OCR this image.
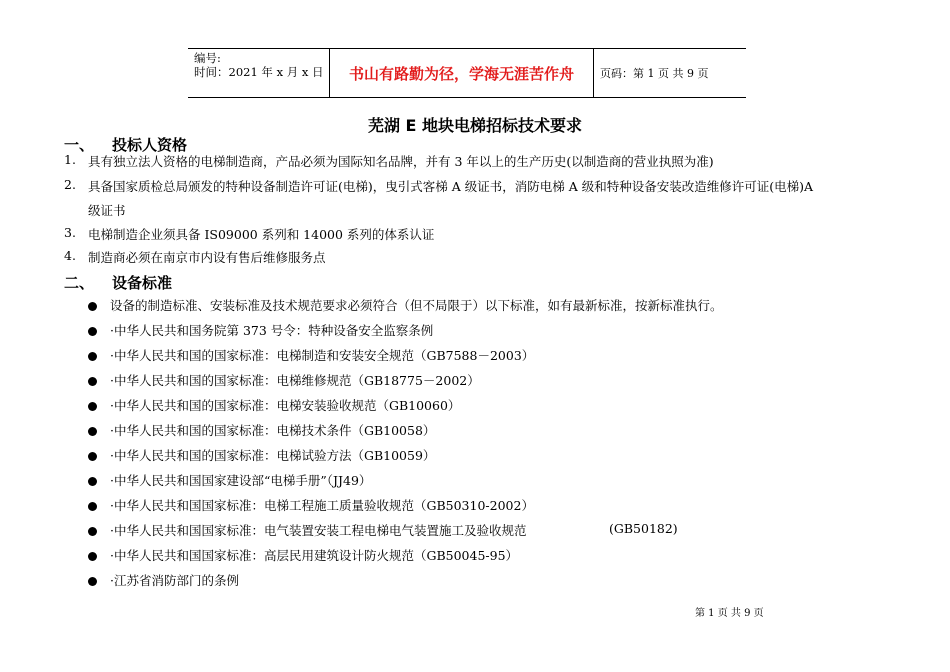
编号:
时间：2021 年 x 月 x 日	书山有路勤为径，学海无涯苦作舟	页码：第 1 页 共 9 页
芜湖 E 地块电梯招标技术要求
一、 投标人资格
1. 具有独立法人资格的电梯制造商，产品必须为国际知名品牌，并有 3 年以上的生产历史(以制造商的营业执照为准)
2. 具备国家质检总局颁发的特种设备制造许可证(电梯)，曳引式客梯 A 级证书，消防电梯 A 级和特种设备安装改造维修许可证(电梯)A
级证书
3. 电梯制造企业须具备 IS09000 系列和 14000 系列的体系认证
4. 制造商必须在南京市内设有售后维修服务点
二、 设备标准
设备的制造标准、安装标准及技术规范要求必须符合（但不局限于）以下标准，如有最新标准，按新标准执行。
·中华人民共和国务院第 373 号令：特种设备安全监察条例
·中华人民共和国的国家标准：电梯制造和安装安全规范（GB7588－2003）
·中华人民共和国的国家标准：电梯维修规范（GB18775－2002）
·中华人民共和国的国家标准：电梯安装验收规范（GB10060）
·中华人民共和国的国家标准：电梯技术条件（GB10058）
·中华人民共和国的国家标准：电梯试验方法（GB10059）
·中华人民共和国国家建设部“电梯手册”（JJ49）
·中华人民共和国国家标准：电梯工程施工质量验收规范（GB50310-2002）
·中华人民共和国国家标准：电气装置安装工程电梯电气装置施工及验收规范	(GB50182)
·中华人民共和国国家标准：高层民用建筑设计防火规范（GB50045-95）
·江苏省消防部门的条例
第 1 页 共 9 页
